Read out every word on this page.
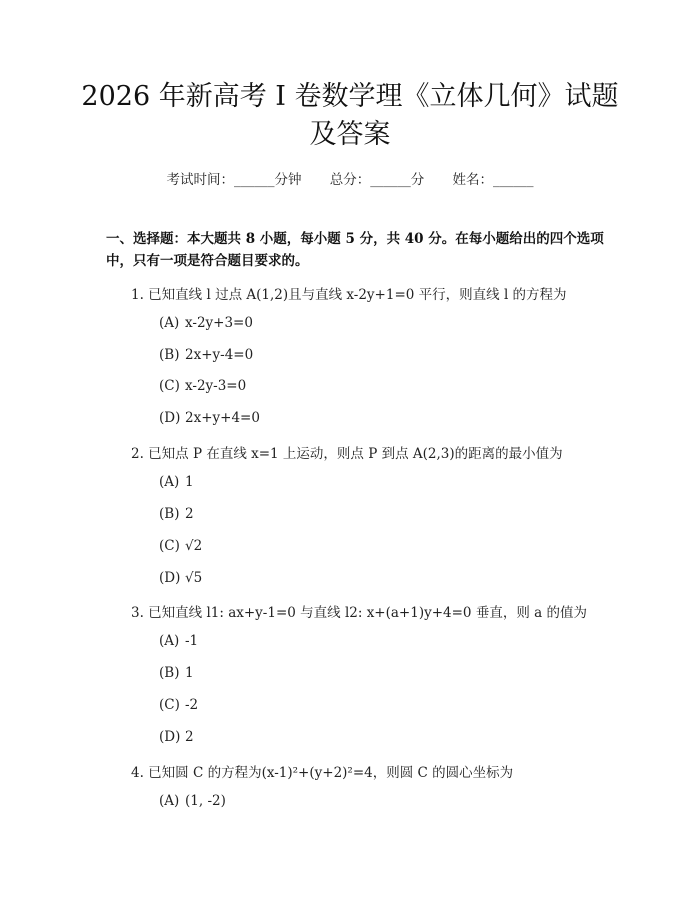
2026 年新高考 I 卷数学理《立体几何》试题
及答案
考试时间：______分钟 总分：______分 姓名：______
一、选择题：本大题共 8 小题，每小题 5 分，共 40 分。在每小题给出的四个选项
中，只有一项是符合题目要求的。
1. 已知直线 l 过点 A(1,2)且与直线 x-2y+1=0 平行，则直线 l 的方程为
(A) x-2y+3=0
(B) 2x+y-4=0
(C) x-2y-3=0
(D) 2x+y+4=0
2. 已知点 P 在直线 x=1 上运动，则点 P 到点 A(2,3)的距离的最小值为
(A) 1
(B) 2
(C) √2
(D) √5
3. 已知直线 l1: ax+y-1=0 与直线 l2: x+(a+1)y+4=0 垂直，则 a 的值为
(A) -1
(B) 1
(C) -2
(D) 2
4. 已知圆 C 的方程为(x-1)²+(y+2)²=4，则圆 C 的圆心坐标为
(A) (1, -2)
